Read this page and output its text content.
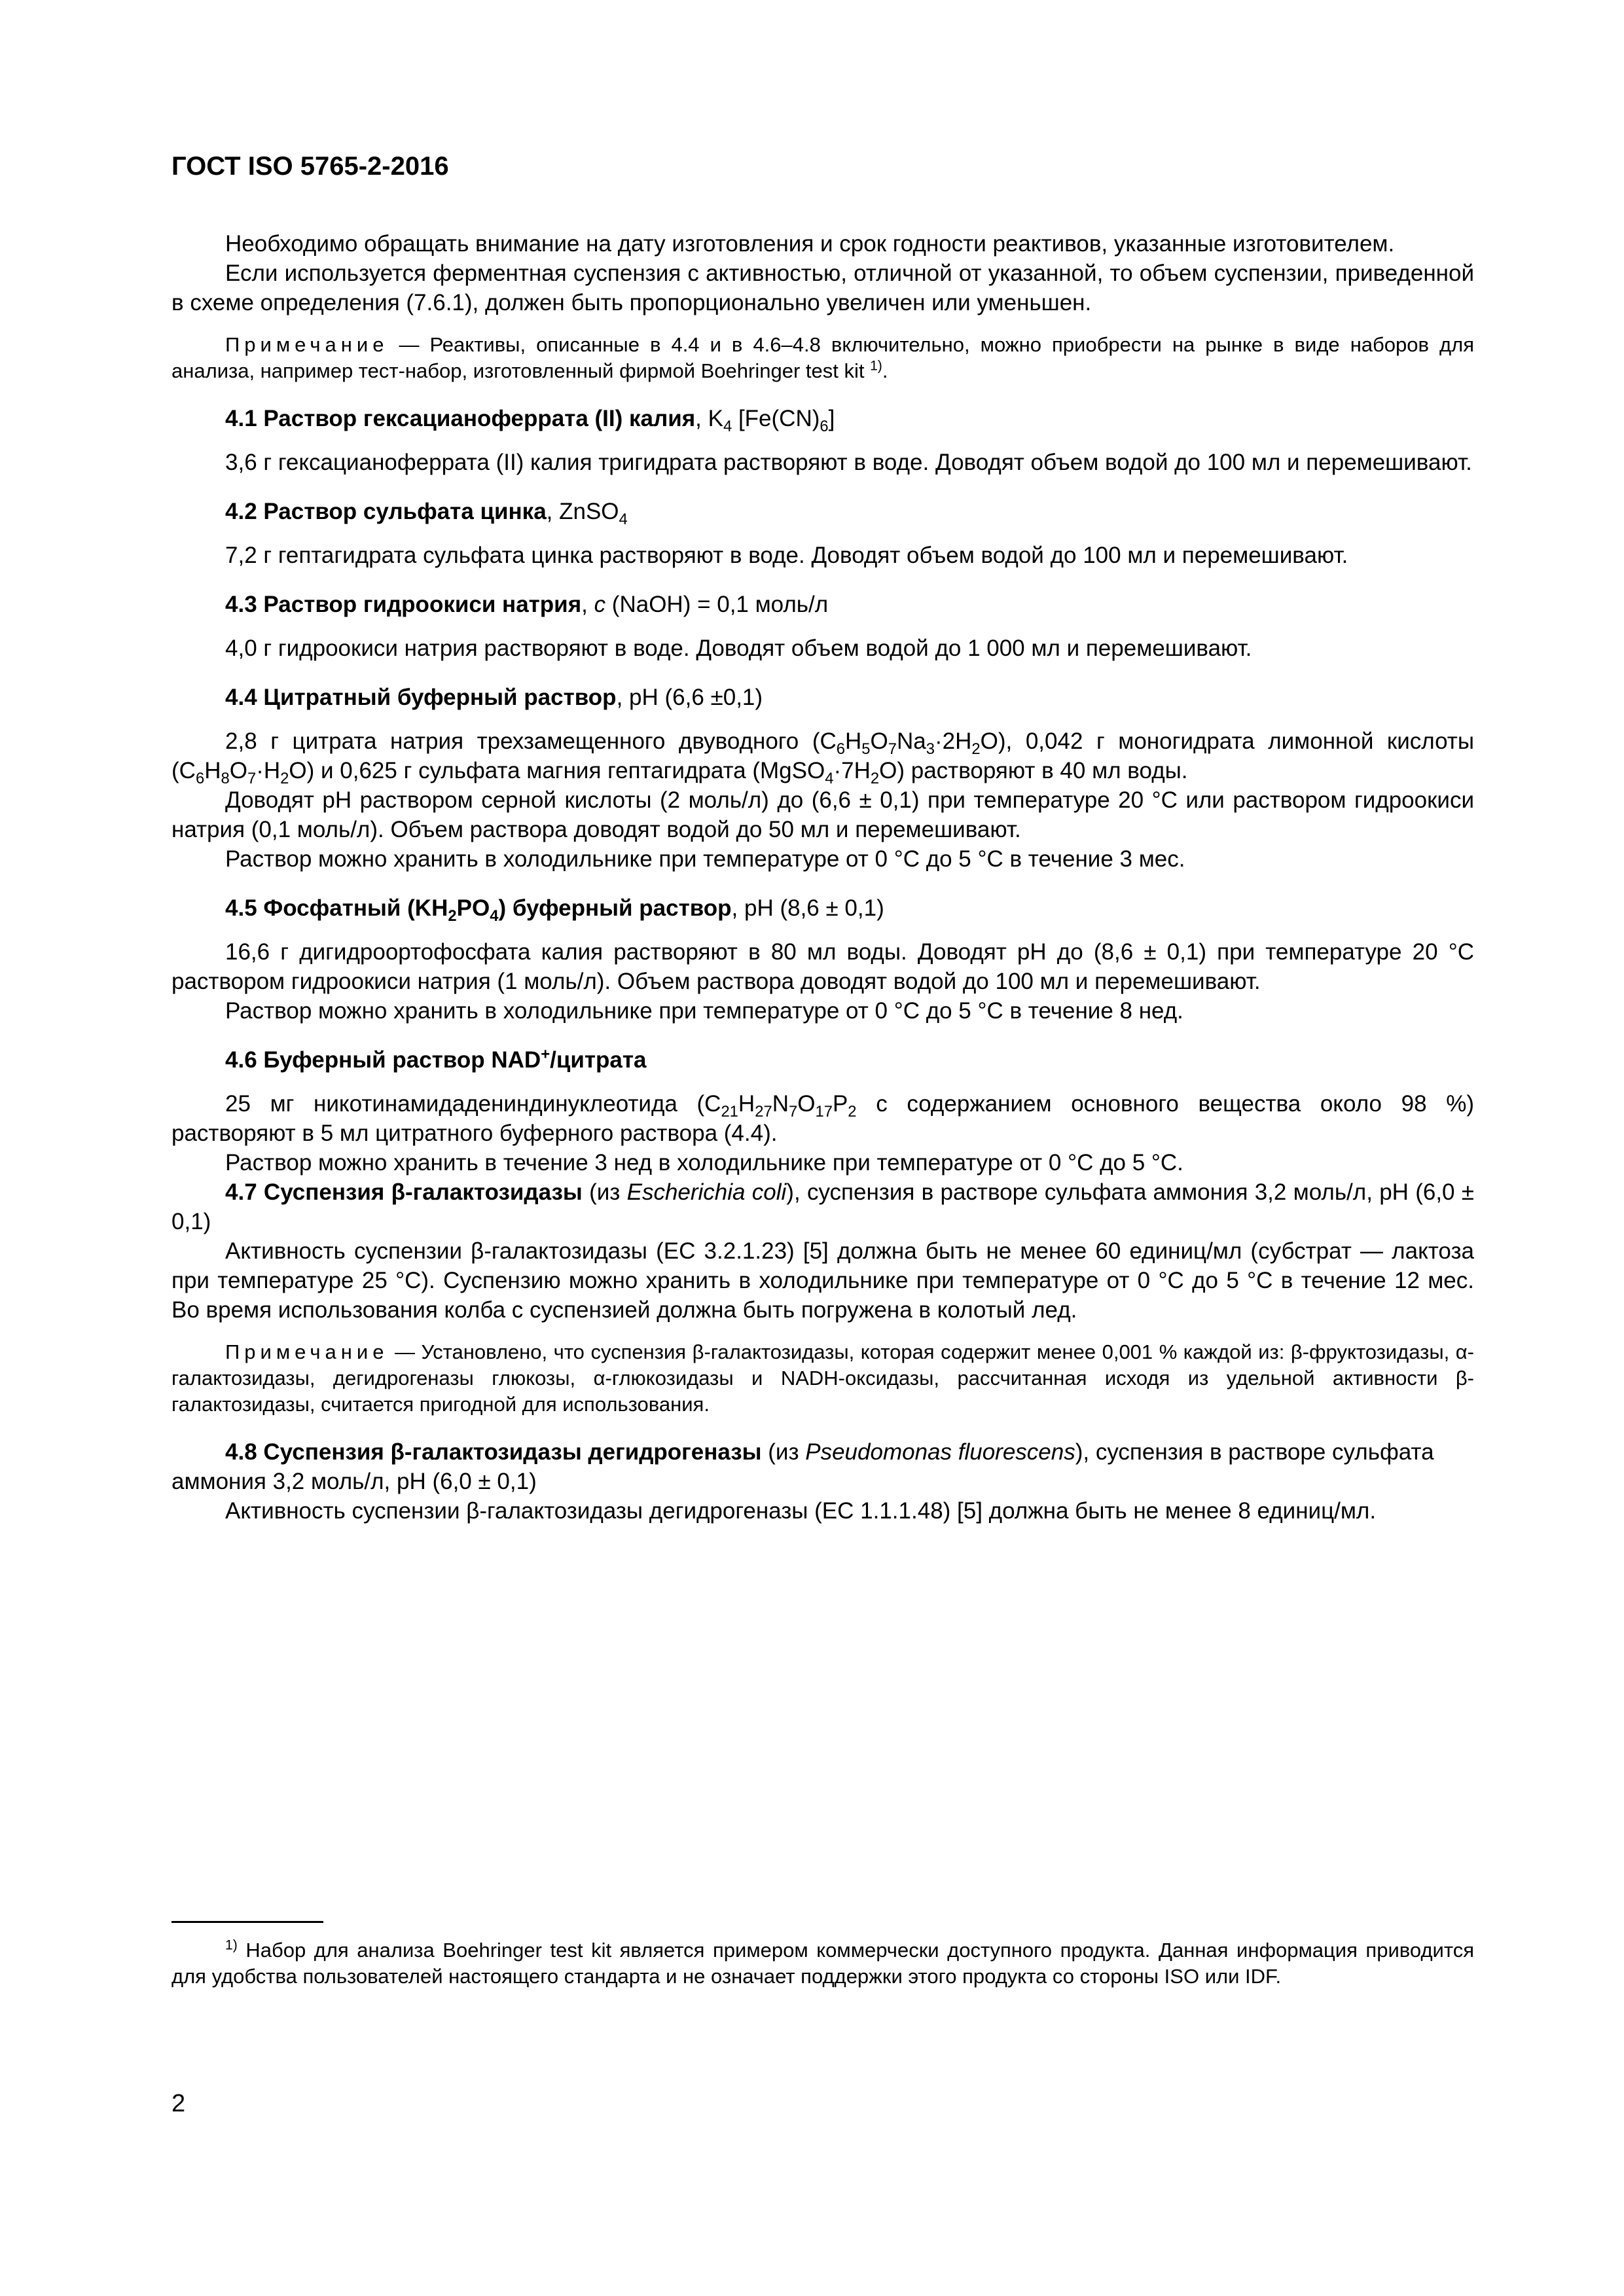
ГОСТ ISO 5765-2-2016

Необходимо обращать внимание на дату изготовления и срок годности реактивов, указанные изготовителем.

Если используется ферментная суспензия с активностью, отличной от указанной, то объем суспензии, приведенной в схеме определения (7.6.1), должен быть пропорционально увеличен или уменьшен.

Примечание — Реактивы, описанные в 4.4 и в 4.6–4.8 включительно, можно приобрести на рынке в виде наборов для анализа, например тест-набор, изготовленный фирмой Boehringer test kit $^{1)}$.

4.1 Раствор гексацианоферрата (II) калия, $K_4$ $[Fe(CN)_6]$

3,6 г гексацианоферрата (II) калия тригидрата растворяют в воде. Доводят объем водой до 100 мл и перемешивают.

4.2 Раствор сульфата цинка, ZnSO$_4$

7,2 г гептагидрата сульфата цинка растворяют в воде. Доводят объем водой до 100 мл и перемешивают.

4.3 Раствор гидроокиси натрия, c (NaOH) = 0,1 моль/л

4,0 г гидроокиси натрия растворяют в воде. Доводят объем водой до 1 000 мл и перемешивают.

4.4 Цитратный буферный раствор, pH (6,6 ±0,1)

2,8 г цитрата натрия трехзамещенного двуводного $(C_6H_5O_7Na_3\cdot 2H_2O)$, 0,042 г моногидрата лимонной кислоты $(C_6H_8O_7\cdot H_2O)$ и 0,625 г сульфата магния гептагидрата $(MgSO_4\cdot 7H_2O)$ растворяют в 40 мл воды.

Доводят pH раствором серной кислоты (2 моль/л) до (6,6 ± 0,1) при температуре 20 °С или раствором гидроокиси натрия (0,1 моль/л). Объем раствора доводят водой до 50 мл и перемешивают.

Раствор можно хранить в холодильнике при температуре от 0 °С до 5 °С в течение 3 мес.

4.5 Фосфатный $(KH_2PO_4)$ буферный раствор, pH (8,6 ± 0,1)

16,6 г дигидроортофосфата калия растворяют в 80 мл воды. Доводят pH до (8,6 ± 0,1) при температуре 20 °С раствором гидроокиси натрия (1 моль/л). Объем раствора доводят водой до 100 мл и перемешивают.

Раствор можно хранить в холодильнике при температуре от 0 °С до 5 °С в течение 8 нед.

4.6 Буферный раствор NAD+/цитрата

25 мг никотинамидадениндинуклеотида ($C_{21}H_{27}N_7O_{17}P_2$ с содержанием основного вещества около 98 %) растворяют в 5 мл цитратного буферного раствора (4.4).

Раствор можно хранить в течение 3 нед в холодильнике при температуре от 0 °С до 5 °С.

4.7 Суспензия β-галактозидазы (из Escherichia coli), суспензия в растворе сульфата аммония 3,2 моль/л, pH (6,0 ± 0,1)

Активность суспензии β-галактозидазы (ЕС 3.2.1.23) [5] должна быть не менее 60 единиц/мл (субстрат — лактоза при температуре 25 °С). Суспензию можно хранить в холодильнике при температуре от 0 °С до 5 °С в течение 12 мес. Во время использования колба с суспензией должна быть погружена в колотый лед.

Примечание — Установлено, что суспензия β-галактозидазы, которая содержит менее 0,001 % каждой из: β-фруктозидазы, α-галактозидазы, дегидрогеназы глюкозы, α-глюкозидазы и NADH-оксидазы, рассчитанная исходя из удельной активности β-галактозидазы, считается пригодной для использования.

4.8 Суспензия β-галактозидазы дегидрогеназы (из Pseudomonas fluorescens), суспензия в растворе сульфата аммония 3,2 моль/л, pH (6,0 ± 0,1)

Активность суспензии β-галактозидазы дегидрогеназы (ЕС 1.1.1.48) [5] должна быть не менее 8 единиц/мл.

$^{1)}$ Набор для анализа Boehringer test kit является примером коммерчески доступного продукта. Данная информация приводится для удобства пользователей настоящего стандарта и не означает поддержки этого продукта со стороны ISO или IDF.

2
